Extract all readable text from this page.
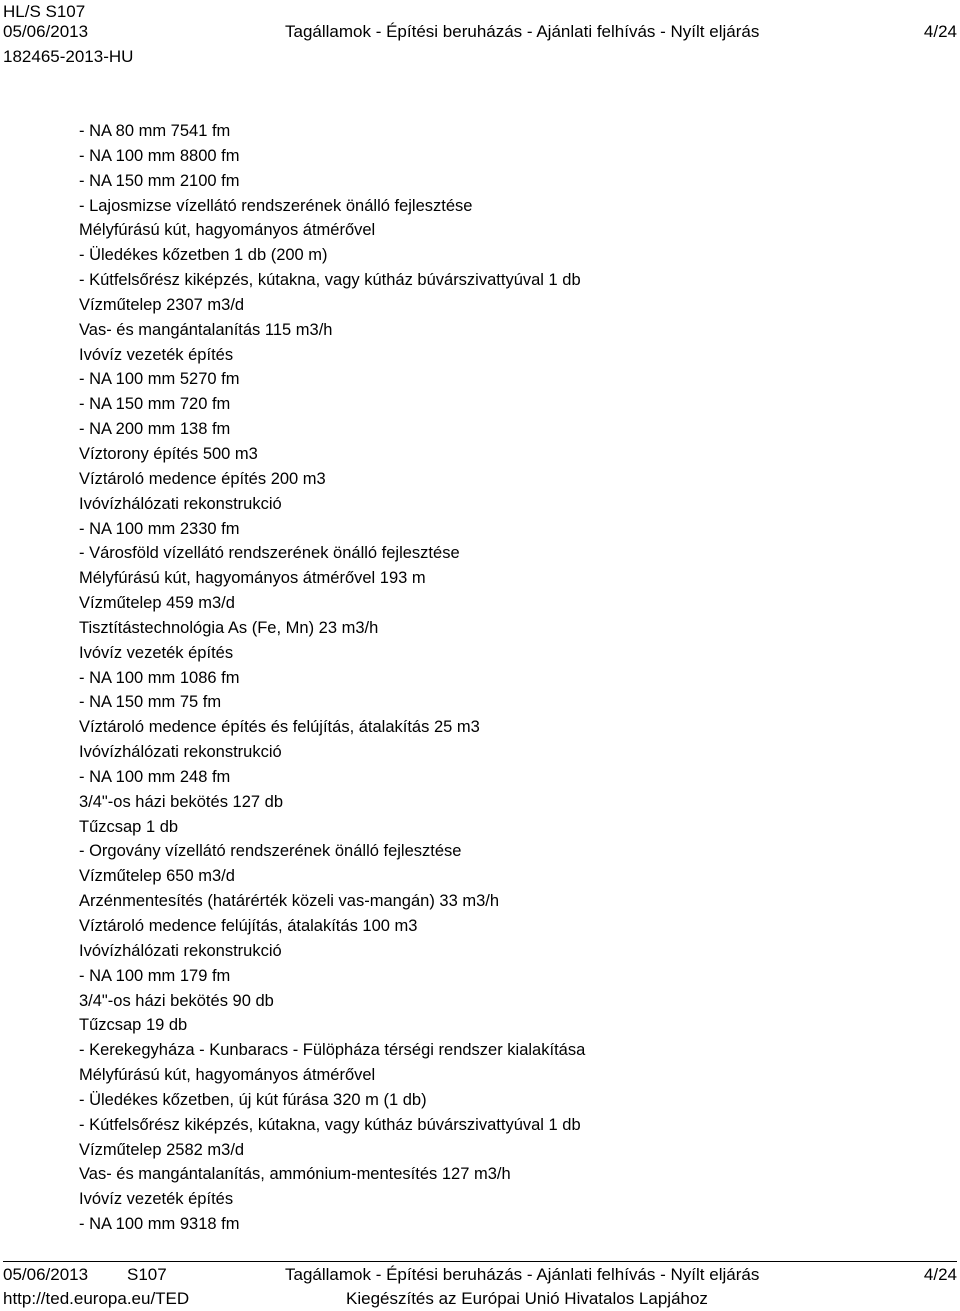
HL/S S107
05/06/2013
182465-2013-HU
Tagállamok - Építési beruházás - Ajánlati felhívás - Nyílt eljárás	4/24
- NA 80 mm 7541 fm
- NA 100 mm 8800 fm
- NA 150 mm 2100 fm
- Lajosmizse vízellátó rendszerének önálló fejlesztése
Mélyfúrású kút, hagyományos átmérővel
- Üledékes kőzetben 1 db (200 m)
- Kútfelsőrész kiképzés, kútakna, vagy kútház búvárszivattyúval 1 db
Vízműtelep 2307 m3/d
Vas- és mangántalanítás 115 m3/h
Ivóvíz vezeték építés
- NA 100 mm 5270 fm
- NA 150 mm 720 fm
- NA 200 mm 138 fm
Víztorony építés 500 m3
Víztároló medence építés 200 m3
Ivóvízhálózati rekonstrukció
- NA 100 mm 2330 fm
- Városföld vízellátó rendszerének önálló fejlesztése
Mélyfúrású kút, hagyományos átmérővel 193 m
Vízműtelep 459 m3/d
Tisztítástechnológia As (Fe, Mn) 23 m3/h
Ivóvíz vezeték építés
- NA 100 mm 1086 fm
- NA 150 mm 75 fm
Víztároló medence építés és felújítás, átalakítás 25 m3
Ivóvízhálózati rekonstrukció
- NA 100 mm 248 fm
3/4"-os házi bekötés 127 db
Tűzcsap 1 db
- Orgovány vízellátó rendszerének önálló fejlesztése
Vízműtelep 650 m3/d
Arzénmentesítés (határérték közeli vas-mangán) 33 m3/h
Víztároló medence felújítás, átalakítás 100 m3
Ivóvízhálózati rekonstrukció
- NA 100 mm 179 fm
3/4"-os házi bekötés 90 db
Tűzcsap 19 db
- Kerekegyháza - Kunbaracs - Fülöpháza térségi rendszer kialakítása
Mélyfúrású kút, hagyományos átmérővel
- Üledékes kőzetben, új kút fúrása 320 m (1 db)
- Kútfelsőrész kiképzés, kútakna, vagy kútház búvárszivattyúval 1 db
Vízműtelep 2582 m3/d
Vas- és mangántalanítás, ammónium-mentesítés 127 m3/h
Ivóvíz vezeték építés
- NA 100 mm 9318 fm
05/06/2013 S107	Tagállamok - Építési beruházás - Ajánlati felhívás - Nyílt eljárás	4/24
http://ted.europa.eu/TED	Kiegészítés az Európai Unió Hivatalos Lapjához
